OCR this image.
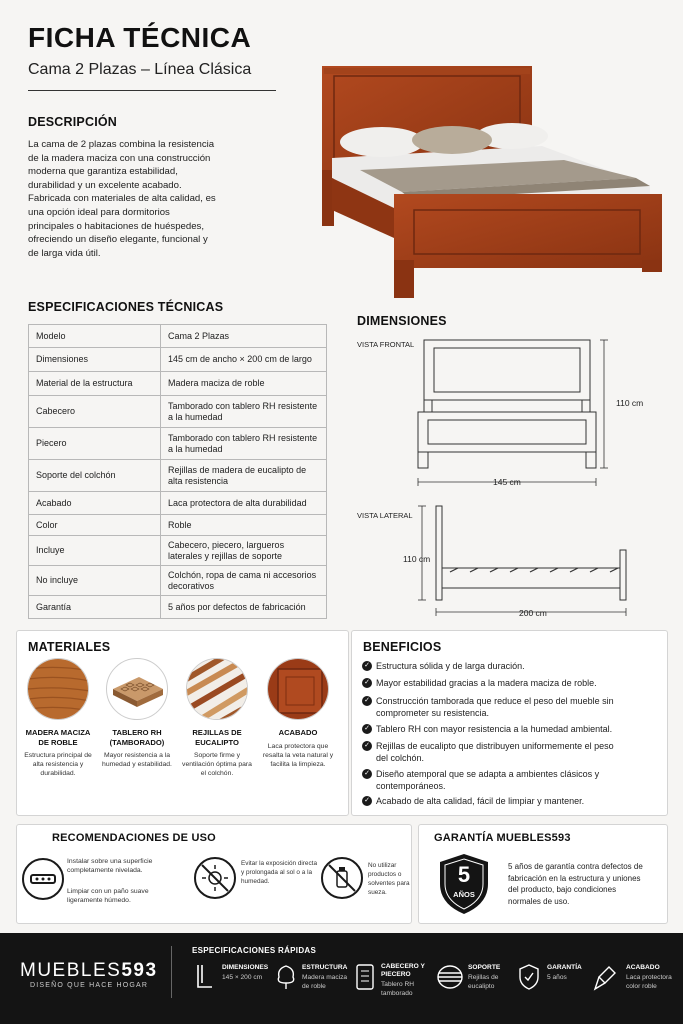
FICHA TÉCNICA
Cama 2 Plazas – Línea Clásica
DESCRIPCIÓN
La cama de 2 plazas combina la resistencia de la madera maciza con una construcción moderna que garantiza estabilidad, durabilidad y un excelente acabado. Fabricada con materiales de alta calidad, es una opción ideal para dormitorios principales o habitaciones de huéspedes, ofreciendo un diseño elegante, funcional y de larga vida útil.
ESPECIFICACIONES TÉCNICAS
Modelo	Cama 2 Plazas
Dimensiones	145 cm de ancho × 200 cm de largo
Material de la estructura	Madera maciza de roble
Cabecero	Tamborado con tablero RH resistente a la humedad
Piecero	Tamborado con tablero RH resistente a la humedad
Soporte del colchón	Rejillas de madera de eucalipto de alta resistencia
Acabado	Laca protectora de alta durabilidad
Color	Roble
Incluye	Cabecero, piecero, largueros laterales y rejillas de soporte
No incluye	Colchón, ropa de cama ni accesorios decorativos
Garantía	5 años por defectos de fabricación
DIMENSIONES
VISTA FRONTAL
110 cm
145 cm
VISTA LATERAL
110 cm
200 cm
MATERIALES
MADERA MACIZA DE ROBLE
Estructura principal de alta resistencia y durabilidad.
TABLERO RH (TAMBORADO)
Mayor resistencia a la humedad y estabilidad.
REJILLAS DE EUCALIPTO
Soporte firme y ventilación óptima para el colchón.
ACABADO
Laca protectora que resalta la veta natural y facilita la limpieza.
BENEFICIOS
✓ Estructura sólida y de larga duración.
✓ Mayor estabilidad gracias a la madera maciza de roble.
✓ Construcción tamborada que reduce el peso del mueble sin comprometer su resistencia.
✓ Tablero RH con mayor resistencia a la humedad ambiental.
✓ Rejillas de eucalipto que distribuyen uniformemente el peso del colchón.
✓ Diseño atemporal que se adapta a ambientes clásicos y contemporáneos.
✓ Acabado de alta calidad, fácil de limpiar y mantener.
RECOMENDACIONES DE USO
Instalar sobre una superficie completamente nivelada.
Limpiar con un paño suave ligeramente húmedo.
Evitar la exposición directa y prolongada al sol o a la humedad.
No utilizar productos o solventes para sueza.
GARANTÍA MUEBLES593
5
AÑOS
5 años de garantía contra defectos de fabricación en la estructura y uniones del producto, bajo condiciones normales de uso.
MUEBLES593
DISEÑO QUE HACE HOGAR
ESPECIFICACIONES RÁPIDAS
DIMENSIONES
145 × 200 cm
ESTRUCTURA
Madera maciza de roble
CABECERO Y PIECERO
Tablero RH tamborado
SOPORTE
Rejillas de eucalipto
GARANTÍA
5 años
ACABADO
Laca protectora color roble
